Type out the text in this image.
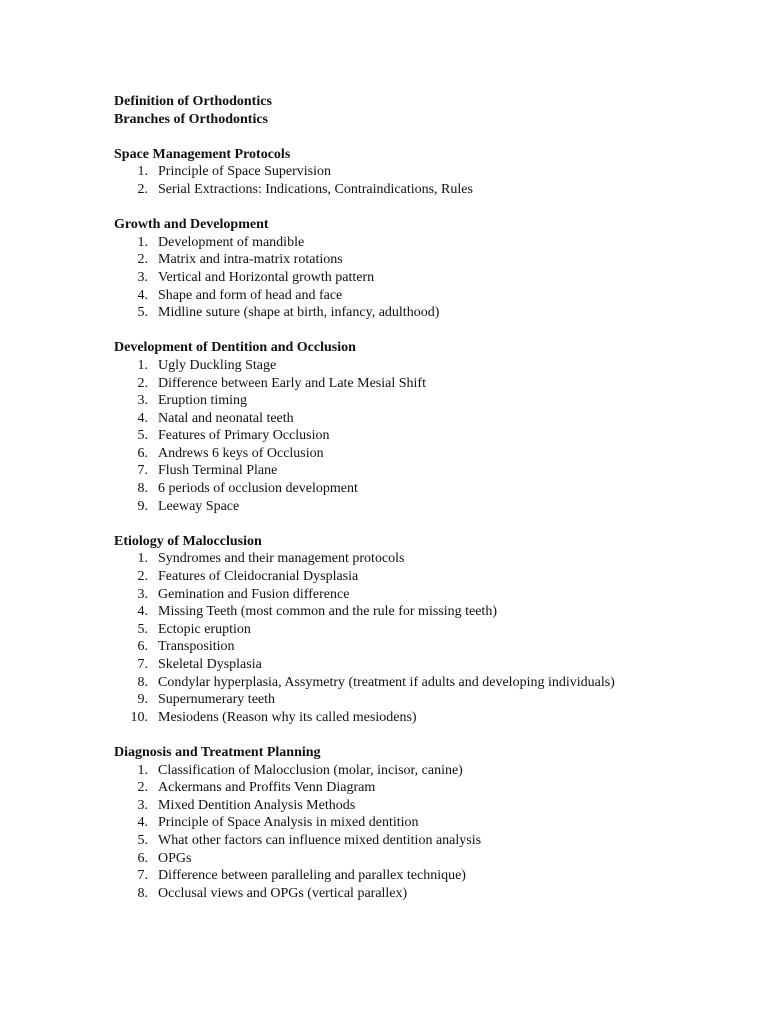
Definition of Orthodontics
Branches of Orthodontics
Space Management Protocols
1. Principle of Space Supervision
2. Serial Extractions: Indications, Contraindications, Rules
Growth and Development
1. Development of mandible
2. Matrix and intra-matrix rotations
3. Vertical and Horizontal growth pattern
4. Shape and form of head and face
5. Midline suture (shape at birth, infancy, adulthood)
Development of Dentition and Occlusion
1. Ugly Duckling Stage
2. Difference between Early and Late Mesial Shift
3. Eruption timing
4. Natal and neonatal teeth
5. Features of Primary Occlusion
6. Andrews 6 keys of Occlusion
7. Flush Terminal Plane
8. 6 periods of occlusion development
9. Leeway Space
Etiology of Malocclusion
1. Syndromes and their management protocols
2. Features of Cleidocranial Dysplasia
3. Gemination and Fusion difference
4. Missing Teeth (most common and the rule for missing teeth)
5. Ectopic eruption
6. Transposition
7. Skeletal Dysplasia
8. Condylar hyperplasia, Assymetry (treatment if adults and developing individuals)
9. Supernumerary teeth
10. Mesiodens (Reason why its called mesiodens)
Diagnosis and Treatment Planning
1. Classification of Malocclusion (molar, incisor, canine)
2. Ackermans and Proffits Venn Diagram
3. Mixed Dentition Analysis Methods
4. Principle of Space Analysis in mixed dentition
5. What other factors can influence mixed dentition analysis
6. OPGs
7. Difference between paralleling and parallex technique)
8. Occlusal views and OPGs (vertical parallex)
